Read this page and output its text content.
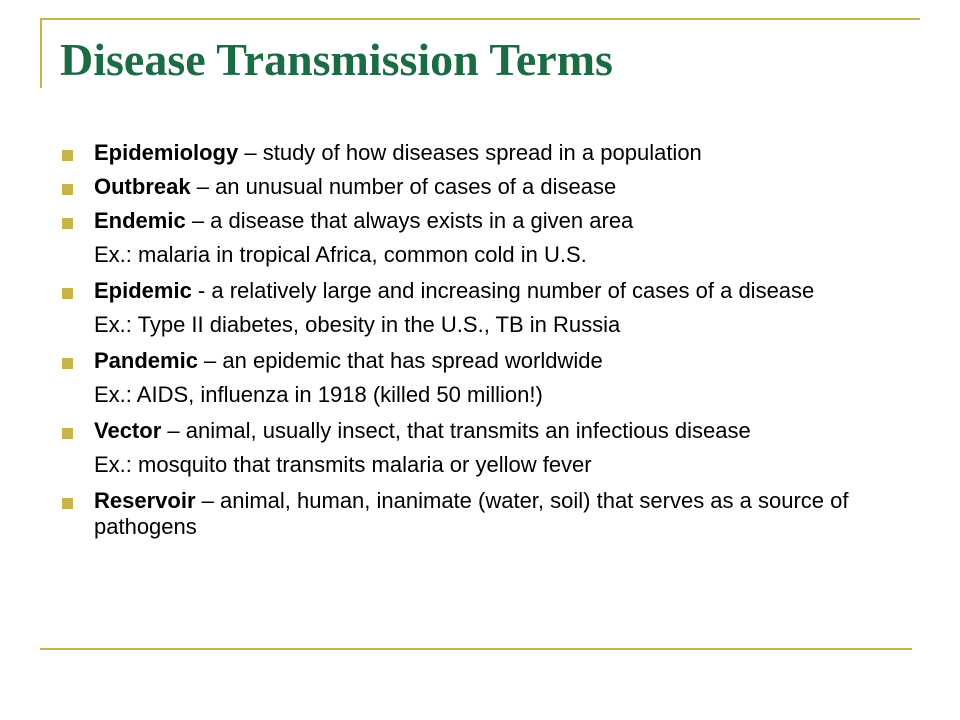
Disease Transmission Terms
Epidemiology – study of how diseases spread in a population
Outbreak – an unusual number of cases of a disease
Endemic – a disease that always exists in a given area
Ex.: malaria in tropical Africa, common cold in U.S.
Epidemic - a relatively large and increasing number of cases of a disease
Ex.: Type II diabetes, obesity in the U.S., TB in Russia
Pandemic – an epidemic that has spread worldwide
Ex.: AIDS, influenza in 1918 (killed 50 million!)
Vector – animal, usually insect, that transmits an infectious disease
Ex.: mosquito that transmits malaria or yellow fever
Reservoir – animal, human, inanimate (water, soil) that serves as a source of pathogens
